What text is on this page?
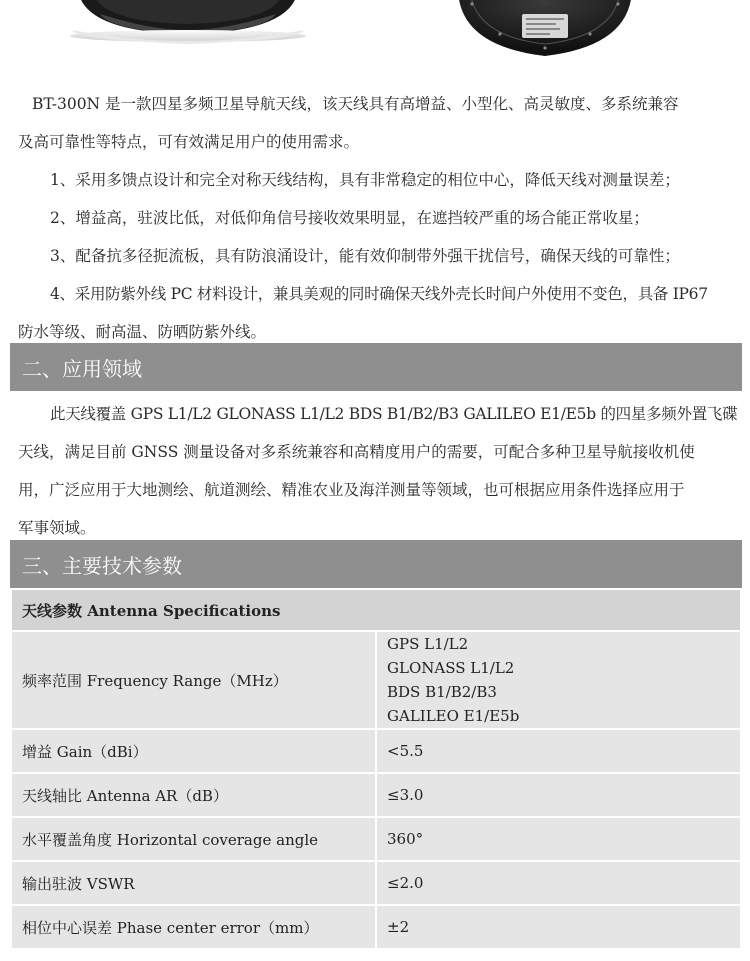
BT-300N 是一款四星多频卫星导航天线，该天线具有高增益、小型化、高灵敏度、多系统兼容
及高可靠性等特点，可有效满足用户的使用需求。
1、采用多馈点设计和完全对称天线结构，具有非常稳定的相位中心，降低天线对测量误差；
2、增益高，驻波比低，对低仰角信号接收效果明显，在遮挡较严重的场合能正常收星；
3、配备抗多径扼流板，具有防浪涌设计，能有效仰制带外强干扰信号，确保天线的可靠性；
4、采用防紫外线 PC 材料设计，兼具美观的同时确保天线外壳长时间户外使用不变色，具备 IP67
防水等级、耐高温、防晒防紫外线。
二、应用领域
此天线覆盖 GPS L1/L2 GLONASS L1/L2 BDS B1/B2/B3 GALILEO E1/E5b 的四星多频外置飞碟
天线，满足目前 GNSS 测量设备对多系统兼容和高精度用户的需要，可配合多种卫星导航接收机使
用，广泛应用于大地测绘、航道测绘、精准农业及海洋测量等领域，也可根据应用条件选择应用于
军事领域。
三、主要技术参数
天线参数 Antenna Specifications	
频率范围 Frequency Range（MHz）	GPS L1/L2
GLONASS L1/L2
BDS B1/B2/B3
GALILEO E1/E5b

增益 Gain（dBi）	<5.5
天线轴比 Antenna AR（dB）	≤3.0
水平覆盖角度 Horizontal coverage angle	360°
输出驻波 VSWR	≤2.0
相位中心误差 Phase center error（mm）	±2
